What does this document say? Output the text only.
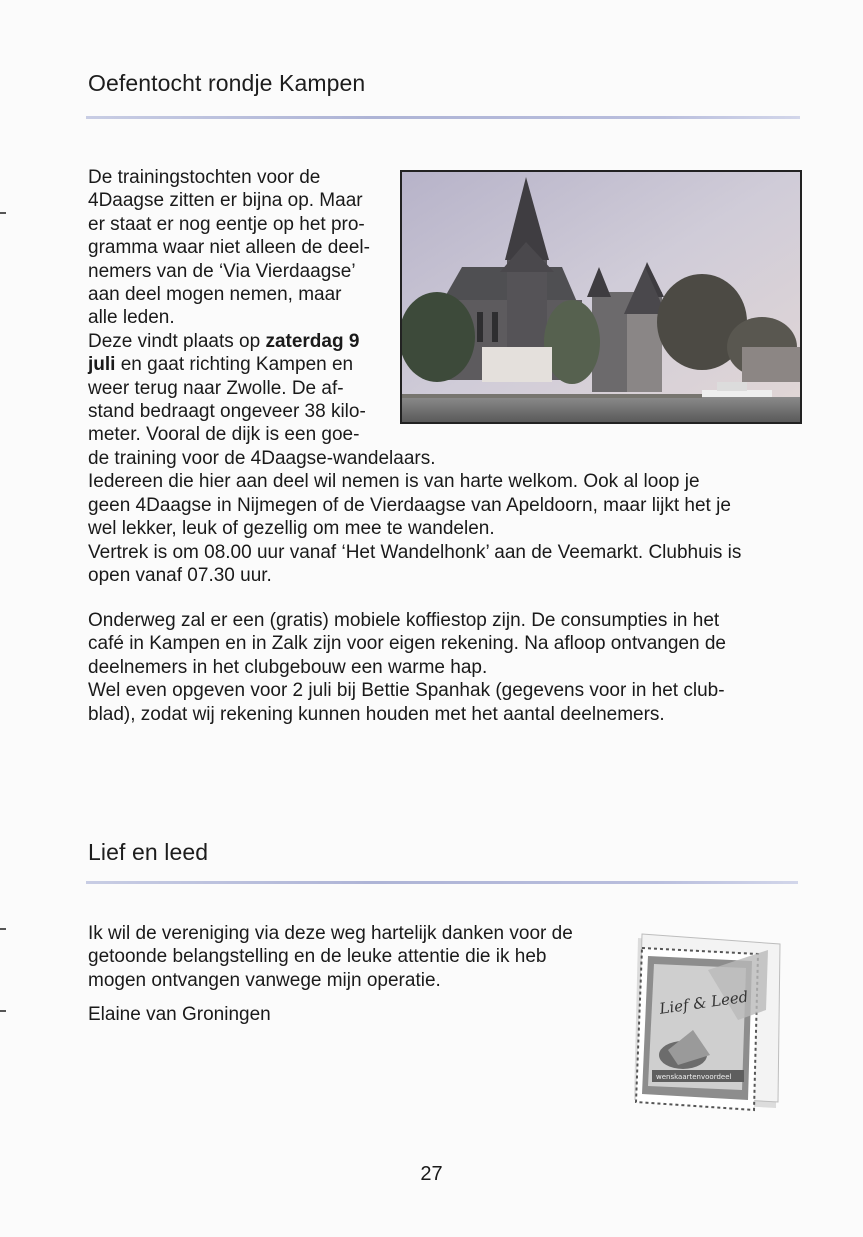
Oefentocht rondje Kampen

De trainingstochten voor de

4Daagse zitten er bijna op. Maar

er staat er nog eentje op het pro-

gramma waar niet alleen de deel-

nemers van de ‘Via Vierdaagse’

aan deel mogen nemen, maar

alle leden.

Deze vindt plaats op zaterdag 9

juli en gaat richting Kampen en

weer terug naar Zwolle. De af-

stand bedraagt ongeveer 38 kilo-

meter. Vooral de dijk is een goe-

de training voor de 4Daagse-wandelaars.

Iedereen die hier aan deel wil nemen is van harte welkom. Ook al loop je

geen 4Daagse in Nijmegen of de Vierdaagse van Apeldoorn, maar lijkt het je

wel lekker, leuk of gezellig om mee te wandelen.

Vertrek is om 08.00 uur vanaf ‘Het Wandelhonk’ aan de Veemarkt. Clubhuis is

open vanaf 07.30 uur.

Onderweg zal er een (gratis) mobiele koffiestop zijn. De consumpties in het

café in Kampen en in Zalk zijn voor eigen rekening. Na afloop ontvangen de

deelnemers in het clubgebouw een warme hap.

Wel even opgeven voor 2 juli bij Bettie Spanhak (gegevens voor in het club-

blad), zodat wij rekening kunnen houden met het aantal deelnemers.

Lief en leed

Ik wil de vereniging via deze weg hartelijk danken voor de

getoonde belangstelling en de leuke attentie die ik heb

mogen ontvangen vanwege mijn operatie.

Elaine van Groningen	Lief & Leed
wenskaartenvoordeel
27
